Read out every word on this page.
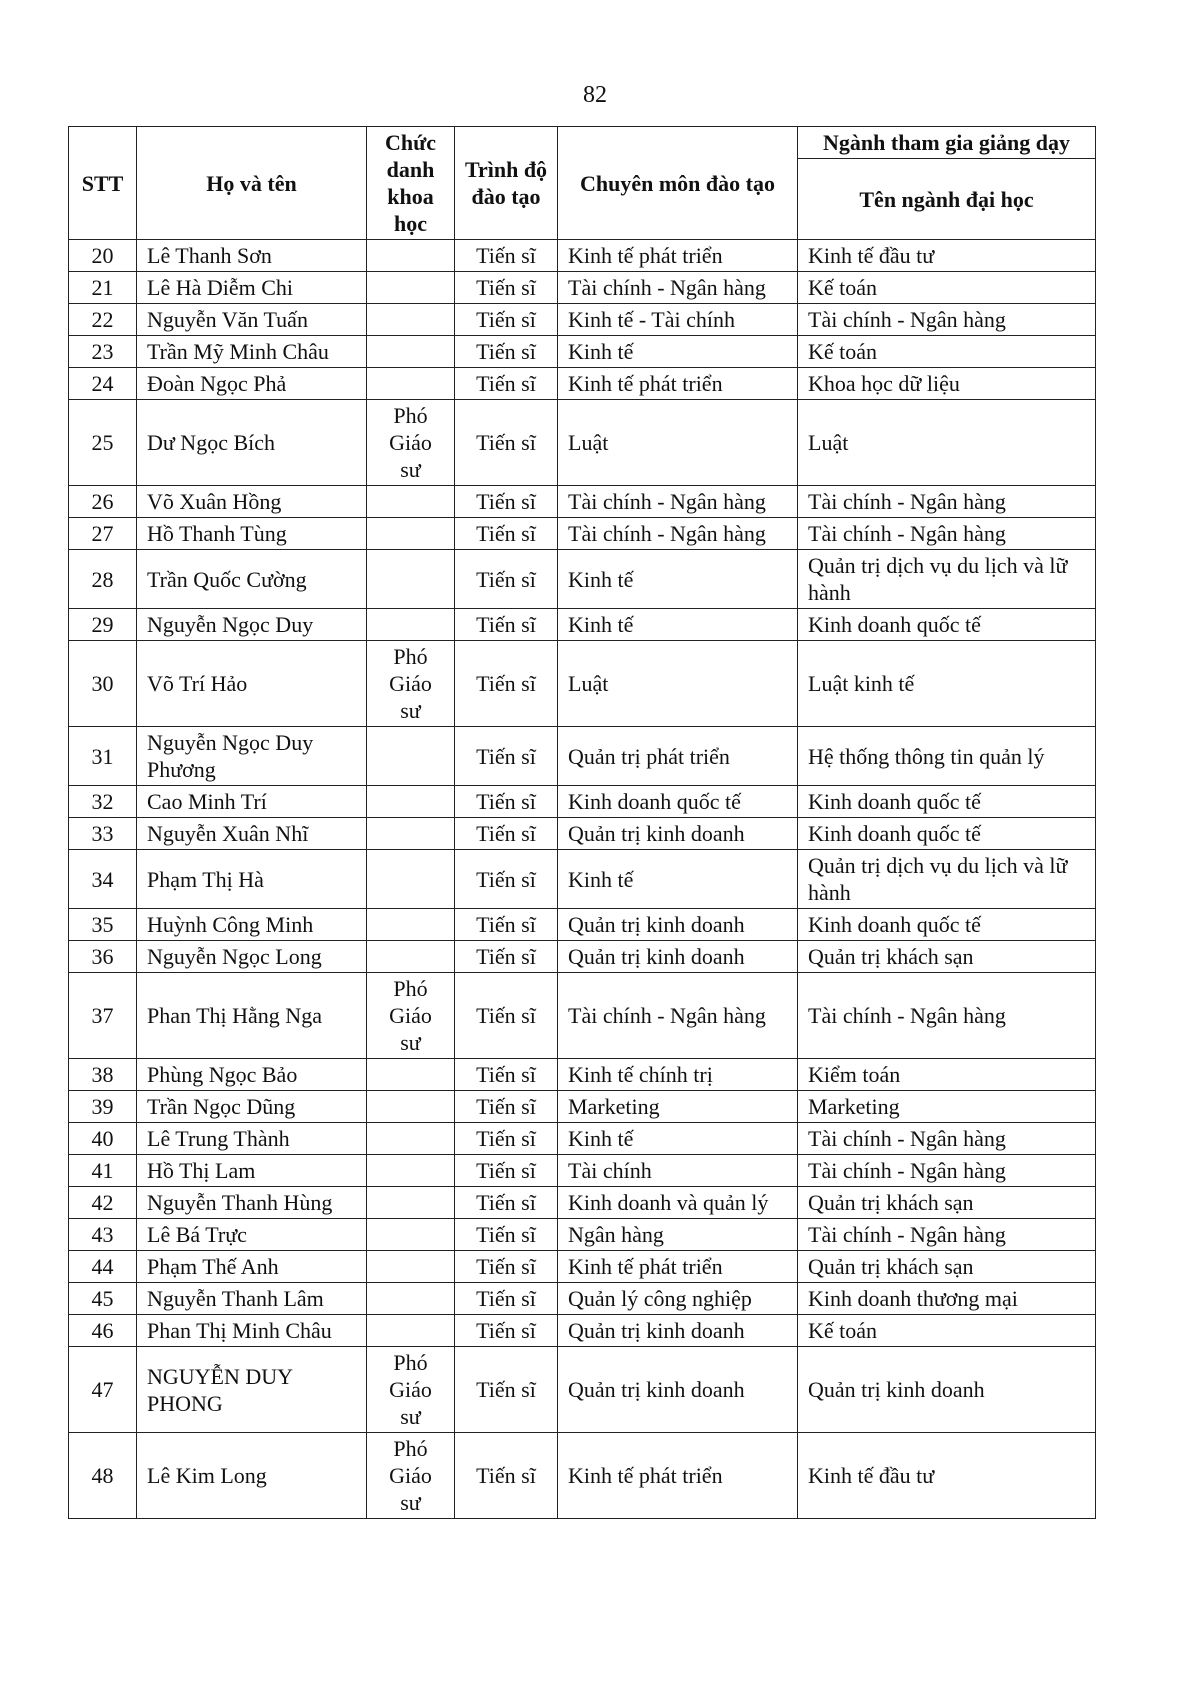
82
STT	Họ và tên	Chức danh khoa học	Trình độ đào tạo	Chuyên môn đào tạo	Ngành tham gia giảng dạy
					Tên ngành đại học
20	Lê Thanh Sơn		Tiến sĩ	Kinh tế phát triển	Kinh tế đầu tư
21	Lê Hà Diễm Chi		Tiến sĩ	Tài chính - Ngân hàng	Kế toán
22	Nguyễn Văn Tuấn		Tiến sĩ	Kinh tế - Tài chính	Tài chính - Ngân hàng
23	Trần Mỹ Minh Châu		Tiến sĩ	Kinh tế	Kế toán
24	Đoàn Ngọc Phả		Tiến sĩ	Kinh tế phát triển	Khoa học dữ liệu
25	Dư Ngọc Bích	Phó Giáo sư	Tiến sĩ	Luật	Luật
26	Võ Xuân Hồng		Tiến sĩ	Tài chính - Ngân hàng	Tài chính - Ngân hàng
27	Hồ Thanh Tùng		Tiến sĩ	Tài chính - Ngân hàng	Tài chính - Ngân hàng
28	Trần Quốc Cường		Tiến sĩ	Kinh tế	Quản trị dịch vụ du lịch và lữ hành
29	Nguyễn Ngọc Duy		Tiến sĩ	Kinh tế	Kinh doanh quốc tế
30	Võ Trí Hảo	Phó Giáo sư	Tiến sĩ	Luật	Luật kinh tế
31	Nguyễn Ngọc Duy Phương		Tiến sĩ	Quản trị phát triển	Hệ thống thông tin quản lý
32	Cao Minh Trí		Tiến sĩ	Kinh doanh quốc tế	Kinh doanh quốc tế
33	Nguyễn Xuân Nhĩ		Tiến sĩ	Quản trị kinh doanh	Kinh doanh quốc tế
34	Phạm Thị Hà		Tiến sĩ	Kinh tế	Quản trị dịch vụ du lịch và lữ hành
35	Huỳnh Công Minh		Tiến sĩ	Quản trị kinh doanh	Kinh doanh quốc tế
36	Nguyễn Ngọc Long		Tiến sĩ	Quản trị kinh doanh	Quản trị khách sạn
37	Phan Thị Hằng Nga	Phó Giáo sư	Tiến sĩ	Tài chính - Ngân hàng	Tài chính - Ngân hàng
38	Phùng Ngọc Bảo		Tiến sĩ	Kinh tế chính trị	Kiểm toán
39	Trần Ngọc Dũng		Tiến sĩ	Marketing	Marketing
40	Lê Trung Thành		Tiến sĩ	Kinh tế	Tài chính - Ngân hàng
41	Hồ Thị Lam		Tiến sĩ	Tài chính	Tài chính - Ngân hàng
42	Nguyễn Thanh Hùng		Tiến sĩ	Kinh doanh và quản lý	Quản trị khách sạn
43	Lê Bá Trực		Tiến sĩ	Ngân hàng	Tài chính - Ngân hàng
44	Phạm Thế Anh		Tiến sĩ	Kinh tế phát triển	Quản trị khách sạn
45	Nguyễn Thanh Lâm		Tiến sĩ	Quản lý công nghiệp	Kinh doanh thương mại
46	Phan Thị Minh Châu		Tiến sĩ	Quản trị kinh doanh	Kế toán
47	NGUYỄN DUY PHONG	Phó Giáo sư	Tiến sĩ	Quản trị kinh doanh	Quản trị kinh doanh
48	Lê Kim Long	Phó Giáo sư	Tiến sĩ	Kinh tế phát triển	Kinh tế đầu tư
